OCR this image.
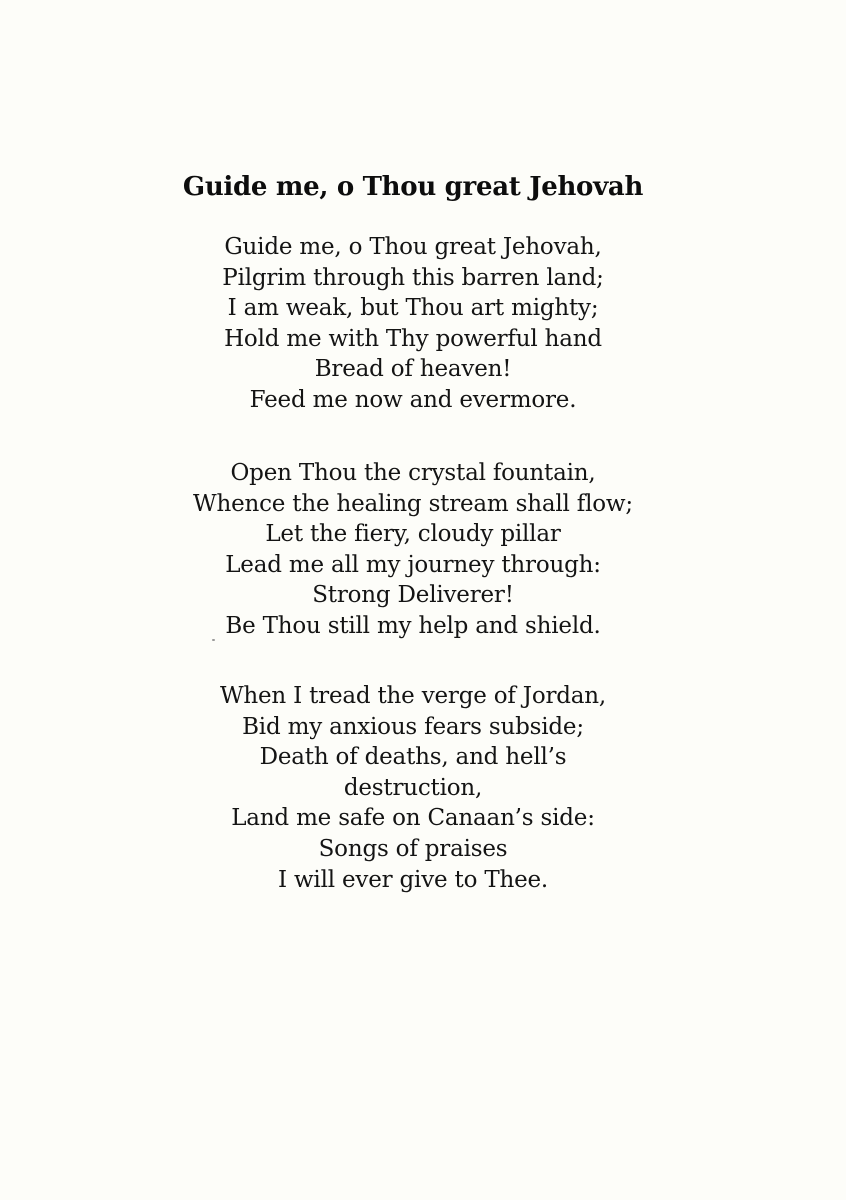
Guide me, o Thou great Jehovah
Guide me, o Thou great Jehovah,
Pilgrim through this barren land;
I am weak, but Thou art mighty;
Hold me with Thy powerful hand
Bread of heaven!
Feed me now and evermore.
Open Thou the crystal fountain,
Whence the healing stream shall flow;
Let the fiery, cloudy pillar
Lead me all my journey through:
Strong Deliverer!
Be Thou still my help and shield.
When I tread the verge of Jordan,
Bid my anxious fears subside;
Death of deaths, and hell’s
destruction,
Land me safe on Canaan’s side:
Songs of praises
I will ever give to Thee.
